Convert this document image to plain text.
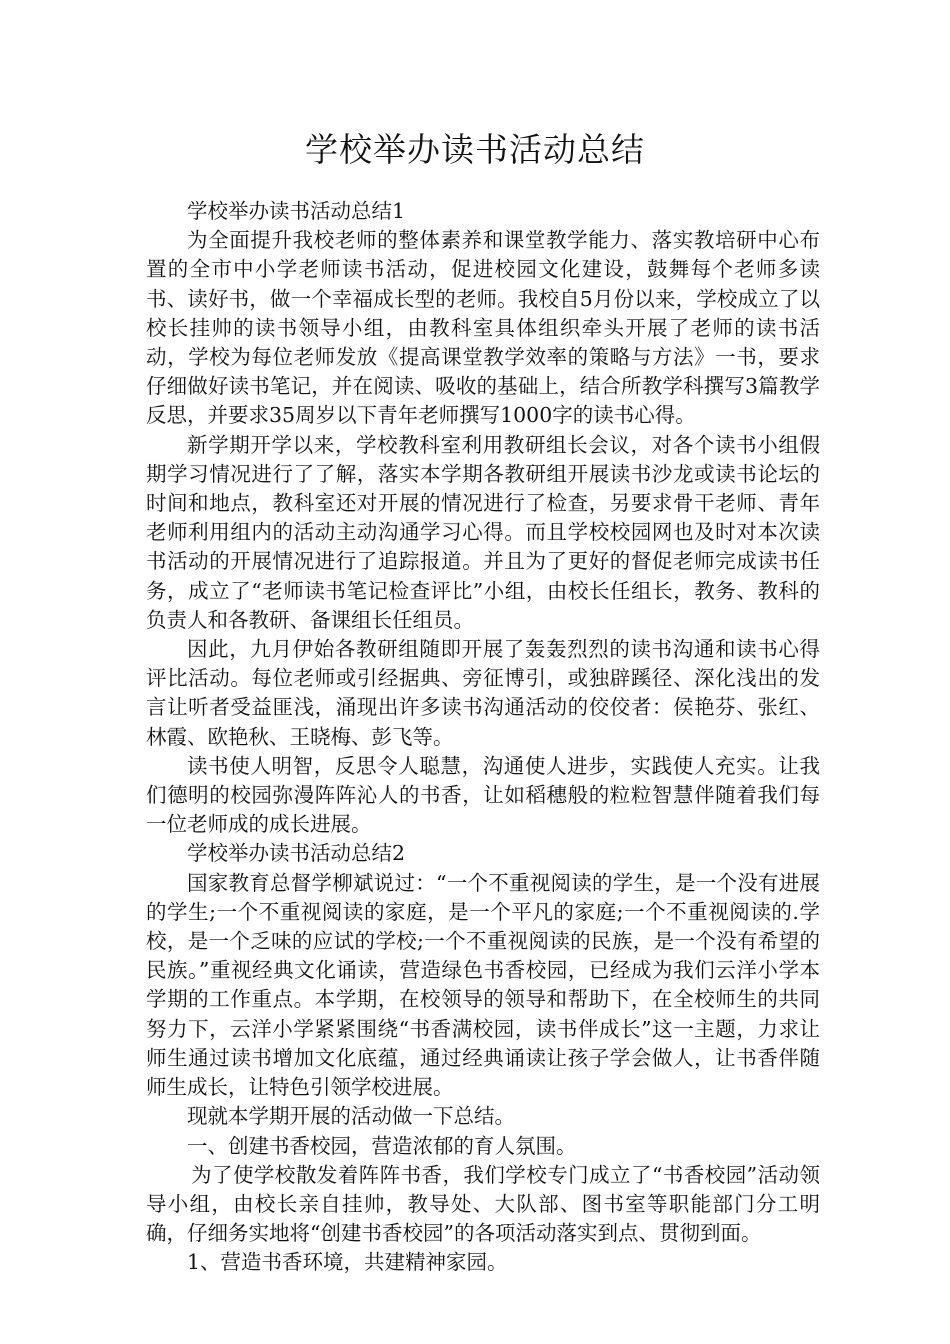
学校举办读书活动总结

学校举办读书活动总结1

为全面提升我校老师的整体素养和课堂教学能力、落实教培研中心布置的全市中小学老师读书活动，促进校园文化建设，鼓舞每个老师多读书、读好书，做一个幸福成长型的老师。我校自5月份以来，学校成立了以校长挂帅的读书领导小组，由教科室具体组织牵头开展了老师的读书活动，学校为每位老师发放《提高课堂教学效率的策略与方法》一书，要求仔细做好读书笔记，并在阅读、吸收的基础上，结合所教学科撰写3篇教学反思，并要求35周岁以下青年老师撰写1000字的读书心得。

新学期开学以来，学校教科室利用教研组长会议，对各个读书小组假期学习情况进行了了解，落实本学期各教研组开展读书沙龙或读书论坛的时间和地点，教科室还对开展的情况进行了检查，另要求骨干老师、青年老师利用组内的活动主动沟通学习心得。而且学校校园网也及时对本次读书活动的开展情况进行了追踪报道。并且为了更好的督促老师完成读书任务，成立了“老师读书笔记检查评比”小组，由校长任组长，教务、教科的负责人和各教研、备课组长任组员。

因此，九月伊始各教研组随即开展了轰轰烈烈的读书沟通和读书心得评比活动。每位老师或引经据典、旁征博引，或独辟蹊径、深化浅出的发言让听者受益匪浅，涌现出许多读书沟通活动的佼佼者：侯艳芬、张红、林霞、欧艳秋、王晓梅、彭飞等。

读书使人明智，反思令人聪慧，沟通使人进步，实践使人充实。让我们德明的校园弥漫阵阵沁人的书香，让如稻穗般的粒粒智慧伴随着我们每一位老师成的成长进展。

学校举办读书活动总结2

国家教育总督学柳斌说过：“一个不重视阅读的学生，是一个没有进展的学生;一个不重视阅读的家庭，是一个平凡的家庭;一个不重视阅读的.学校，是一个乏味的应试的学校;一个不重视阅读的民族，是一个没有希望的民族。”重视经典文化诵读，营造绿色书香校园，已经成为我们云洋小学本学期的工作重点。本学期，在校领导的领导和帮助下，在全校师生的共同努力下，云洋小学紧紧围绕“书香满校园，读书伴成长”这一主题，力求让师生通过读书增加文化底蕴，通过经典诵读让孩子学会做人，让书香伴随师生成长，让特色引领学校进展。

现就本学期开展的活动做一下总结。

一、创建书香校园，营造浓郁的育人氛围。

为了使学校散发着阵阵书香，我们学校专门成立了“书香校园”活动领导小组，由校长亲自挂帅，教导处、大队部、图书室等职能部门分工明确，仔细务实地将“创建书香校园”的各项活动落实到点、贯彻到面。

1、营造书香环境，共建精神家园。
